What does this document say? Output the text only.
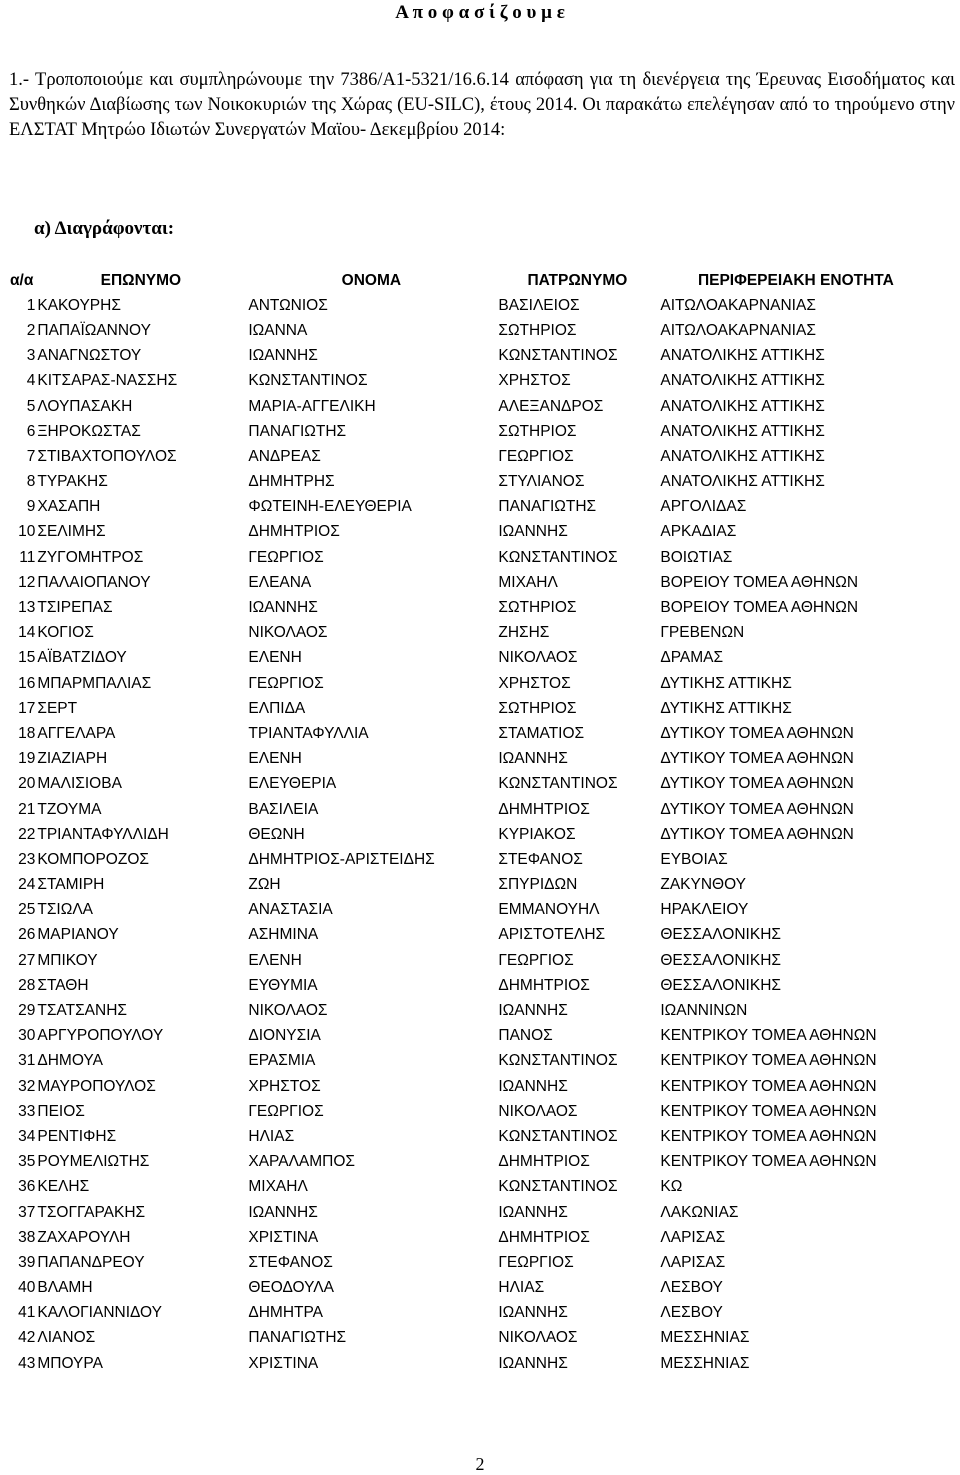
Α π ο φ α σ ί ζ ο υ μ ε
1.- Τροποποιούμε και συμπληρώνουμε την 7386/Α1-5321/16.6.14 απόφαση για τη διενέργεια της Έρευνας Εισοδήματος και Συνθηκών Διαβίωσης των Νοικοκυριών της Χώρας (EU-SILC), έτους 2014. Οι παρακάτω επελέγησαν από το τηρούμενο στην ΕΛΣΤΑΤ Μητρώο Ιδιωτών Συνεργατών Μαϊου- Δεκεμβρίου 2014:
α) Διαγράφονται:
α/α	ΕΠΩΝΥΜΟ	ΟΝΟΜΑ	ΠΑΤΡΩΝΥΜΟ	ΠΕΡΙΦΕΡΕΙΑΚΗ ΕΝΟΤΗΤΑ
1	ΚΑΚΟΥΡΗΣ	ΑΝΤΩΝΙΟΣ	ΒΑΣΙΛΕΙΟΣ	ΑΙΤΩΛΟΑΚΑΡΝΑΝΙΑΣ
2	ΠΑΠΑΪΩΑΝΝΟΥ	ΙΩΑΝΝΑ	ΣΩΤΗΡΙΟΣ	ΑΙΤΩΛΟΑΚΑΡΝΑΝΙΑΣ
3	ΑΝΑΓΝΩΣΤΟΥ	ΙΩΑΝΝΗΣ	ΚΩΝΣΤΑΝΤΙΝΟΣ	ΑΝΑΤΟΛΙΚΗΣ ΑΤΤΙΚΗΣ
4	ΚΙΤΣΑΡΑΣ-ΝΑΣΣΗΣ	ΚΩΝΣΤΑΝΤΙΝΟΣ	ΧΡΗΣΤΟΣ	ΑΝΑΤΟΛΙΚΗΣ ΑΤΤΙΚΗΣ
5	ΛΟΥΠΑΣΑΚΗ	ΜΑΡΙΑ-ΑΓΓΕΛΙΚΗ	ΑΛΕΞΑΝΔΡΟΣ	ΑΝΑΤΟΛΙΚΗΣ ΑΤΤΙΚΗΣ
6	ΞΗΡΟΚΩΣΤΑΣ	ΠΑΝΑΓΙΩΤΗΣ	ΣΩΤΗΡΙΟΣ	ΑΝΑΤΟΛΙΚΗΣ ΑΤΤΙΚΗΣ
7	ΣΤΙΒΑΧΤΟΠΟΥΛΟΣ	ΑΝΔΡΕΑΣ	ΓΕΩΡΓΙΟΣ	ΑΝΑΤΟΛΙΚΗΣ ΑΤΤΙΚΗΣ
8	ΤΥΡΑΚΗΣ	ΔΗΜΗΤΡΗΣ	ΣΤΥΛΙΑΝΟΣ	ΑΝΑΤΟΛΙΚΗΣ ΑΤΤΙΚΗΣ
9	ΧΑΣΑΠΗ	ΦΩΤΕΙΝΗ-ΕΛΕΥΘΕΡΙΑ	ΠΑΝΑΓΙΩΤΗΣ	ΑΡΓΟΛΙΔΑΣ
10	ΣΕΛΙΜΗΣ	ΔΗΜΗΤΡΙΟΣ	ΙΩΑΝΝΗΣ	ΑΡΚΑΔΙΑΣ
11	ΖΥΓΟΜΗΤΡΟΣ	ΓΕΩΡΓΙΟΣ	ΚΩΝΣΤΑΝΤΙΝΟΣ	ΒΟΙΩΤΙΑΣ
12	ΠΑΛΑΙΟΠΑΝΟΥ	ΕΛΕΑΝΑ	ΜΙΧΑΗΛ	ΒΟΡΕΙΟΥ ΤΟΜΕΑ ΑΘΗΝΩΝ
13	ΤΣΙΡΕΠΑΣ	ΙΩΑΝΝΗΣ	ΣΩΤΗΡΙΟΣ	ΒΟΡΕΙΟΥ ΤΟΜΕΑ ΑΘΗΝΩΝ
14	ΚΟΓΙΟΣ	ΝΙΚΟΛΑΟΣ	ΖΗΣΗΣ	ΓΡΕΒΕΝΩΝ
15	ΑΪΒΑΤΖΙΔΟΥ	ΕΛΕΝΗ	ΝΙΚΟΛΑΟΣ	ΔΡΑΜΑΣ
16	ΜΠΑΡΜΠΑΛΙΑΣ	ΓΕΩΡΓΙΟΣ	ΧΡΗΣΤΟΣ	ΔΥΤΙΚΗΣ ΑΤΤΙΚΗΣ
17	ΣΕΡΤ	ΕΛΠΙΔΑ	ΣΩΤΗΡΙΟΣ	ΔΥΤΙΚΗΣ ΑΤΤΙΚΗΣ
18	ΑΓΓΕΛΑΡΑ	ΤΡΙΑΝΤΑΦΥΛΛΙΑ	ΣΤΑΜΑΤΙΟΣ	ΔΥΤΙΚΟΥ ΤΟΜΕΑ ΑΘΗΝΩΝ
19	ΖΙΑΖΙΑΡΗ	ΕΛΕΝΗ	ΙΩΑΝΝΗΣ	ΔΥΤΙΚΟΥ ΤΟΜΕΑ ΑΘΗΝΩΝ
20	ΜΑΛΙΣΙΟΒΑ	ΕΛΕΥΘΕΡΙΑ	ΚΩΝΣΤΑΝΤΙΝΟΣ	ΔΥΤΙΚΟΥ ΤΟΜΕΑ ΑΘΗΝΩΝ
21	ΤΖΟΥΜΑ	ΒΑΣΙΛΕΙΑ	ΔΗΜΗΤΡΙΟΣ	ΔΥΤΙΚΟΥ ΤΟΜΕΑ ΑΘΗΝΩΝ
22	ΤΡΙΑΝΤΑΦΥΛΛΙΔΗ	ΘΕΩΝΗ	ΚΥΡΙΑΚΟΣ	ΔΥΤΙΚΟΥ ΤΟΜΕΑ ΑΘΗΝΩΝ
23	ΚΟΜΠΟΡΟΖΟΣ	ΔΗΜΗΤΡΙΟΣ-ΑΡΙΣΤΕΙΔΗΣ	ΣΤΕΦΑΝΟΣ	ΕΥΒΟΙΑΣ
24	ΣΤΑΜΙΡΗ	ΖΩΗ	ΣΠΥΡΙΔΩΝ	ΖΑΚΥΝΘΟΥ
25	ΤΣΙΩΛΑ	ΑΝΑΣΤΑΣΙΑ	ΕΜΜΑΝΟΥΗΛ	ΗΡΑΚΛΕΙΟΥ
26	ΜΑΡΙΑΝΟΥ	ΑΣΗΜΙΝΑ	ΑΡΙΣΤΟΤΕΛΗΣ	ΘΕΣΣΑΛΟΝΙΚΗΣ
27	ΜΠΙΚΟΥ	ΕΛΕΝΗ	ΓΕΩΡΓΙΟΣ	ΘΕΣΣΑΛΟΝΙΚΗΣ
28	ΣΤΑΘΗ	ΕΥΘΥΜΙΑ	ΔΗΜΗΤΡΙΟΣ	ΘΕΣΣΑΛΟΝΙΚΗΣ
29	ΤΣΑΤΣΑΝΗΣ	ΝΙΚΟΛΑΟΣ	ΙΩΑΝΝΗΣ	ΙΩΑΝΝΙΝΩΝ
30	ΑΡΓΥΡΟΠΟΥΛΟΥ	ΔΙΟΝΥΣΙΑ	ΠΑΝΟΣ	ΚΕΝΤΡΙΚΟΥ ΤΟΜΕΑ ΑΘΗΝΩΝ
31	ΔΗΜΟΥΑ	ΕΡΑΣΜΙΑ	ΚΩΝΣΤΑΝΤΙΝΟΣ	ΚΕΝΤΡΙΚΟΥ ΤΟΜΕΑ ΑΘΗΝΩΝ
32	ΜΑΥΡΟΠΟΥΛΟΣ	ΧΡΗΣΤΟΣ	ΙΩΑΝΝΗΣ	ΚΕΝΤΡΙΚΟΥ ΤΟΜΕΑ ΑΘΗΝΩΝ
33	ΠΕΙΟΣ	ΓΕΩΡΓΙΟΣ	ΝΙΚΟΛΑΟΣ	ΚΕΝΤΡΙΚΟΥ ΤΟΜΕΑ ΑΘΗΝΩΝ
34	ΡΕΝΤΙΦΗΣ	ΗΛΙΑΣ	ΚΩΝΣΤΑΝΤΙΝΟΣ	ΚΕΝΤΡΙΚΟΥ ΤΟΜΕΑ ΑΘΗΝΩΝ
35	ΡΟΥΜΕΛΙΩΤΗΣ	ΧΑΡΑΛΑΜΠΟΣ	ΔΗΜΗΤΡΙΟΣ	ΚΕΝΤΡΙΚΟΥ ΤΟΜΕΑ ΑΘΗΝΩΝ
36	ΚΕΛΗΣ	ΜΙΧΑΗΛ	ΚΩΝΣΤΑΝΤΙΝΟΣ	ΚΩ
37	ΤΣΟΓΓΑΡΑΚΗΣ	ΙΩΑΝΝΗΣ	ΙΩΑΝΝΗΣ	ΛΑΚΩΝΙΑΣ
38	ΖΑΧΑΡΟΥΛΗ	ΧΡΙΣΤΙΝΑ	ΔΗΜΗΤΡΙΟΣ	ΛΑΡΙΣΑΣ
39	ΠΑΠΑΝΔΡΕΟΥ	ΣΤΕΦΑΝΟΣ	ΓΕΩΡΓΙΟΣ	ΛΑΡΙΣΑΣ
40	ΒΛΑΜΗ	ΘΕΟΔΟΥΛΑ	ΗΛΙΑΣ	ΛΕΣΒΟΥ
41	ΚΑΛΟΓΙΑΝΝΙΔΟΥ	ΔΗΜΗΤΡΑ	ΙΩΑΝΝΗΣ	ΛΕΣΒΟΥ
42	ΛΙΑΝΟΣ	ΠΑΝΑΓΙΩΤΗΣ	ΝΙΚΟΛΑΟΣ	ΜΕΣΣΗΝΙΑΣ
43	ΜΠΟΥΡΑ	ΧΡΙΣΤΙΝΑ	ΙΩΑΝΝΗΣ	ΜΕΣΣΗΝΙΑΣ
2
